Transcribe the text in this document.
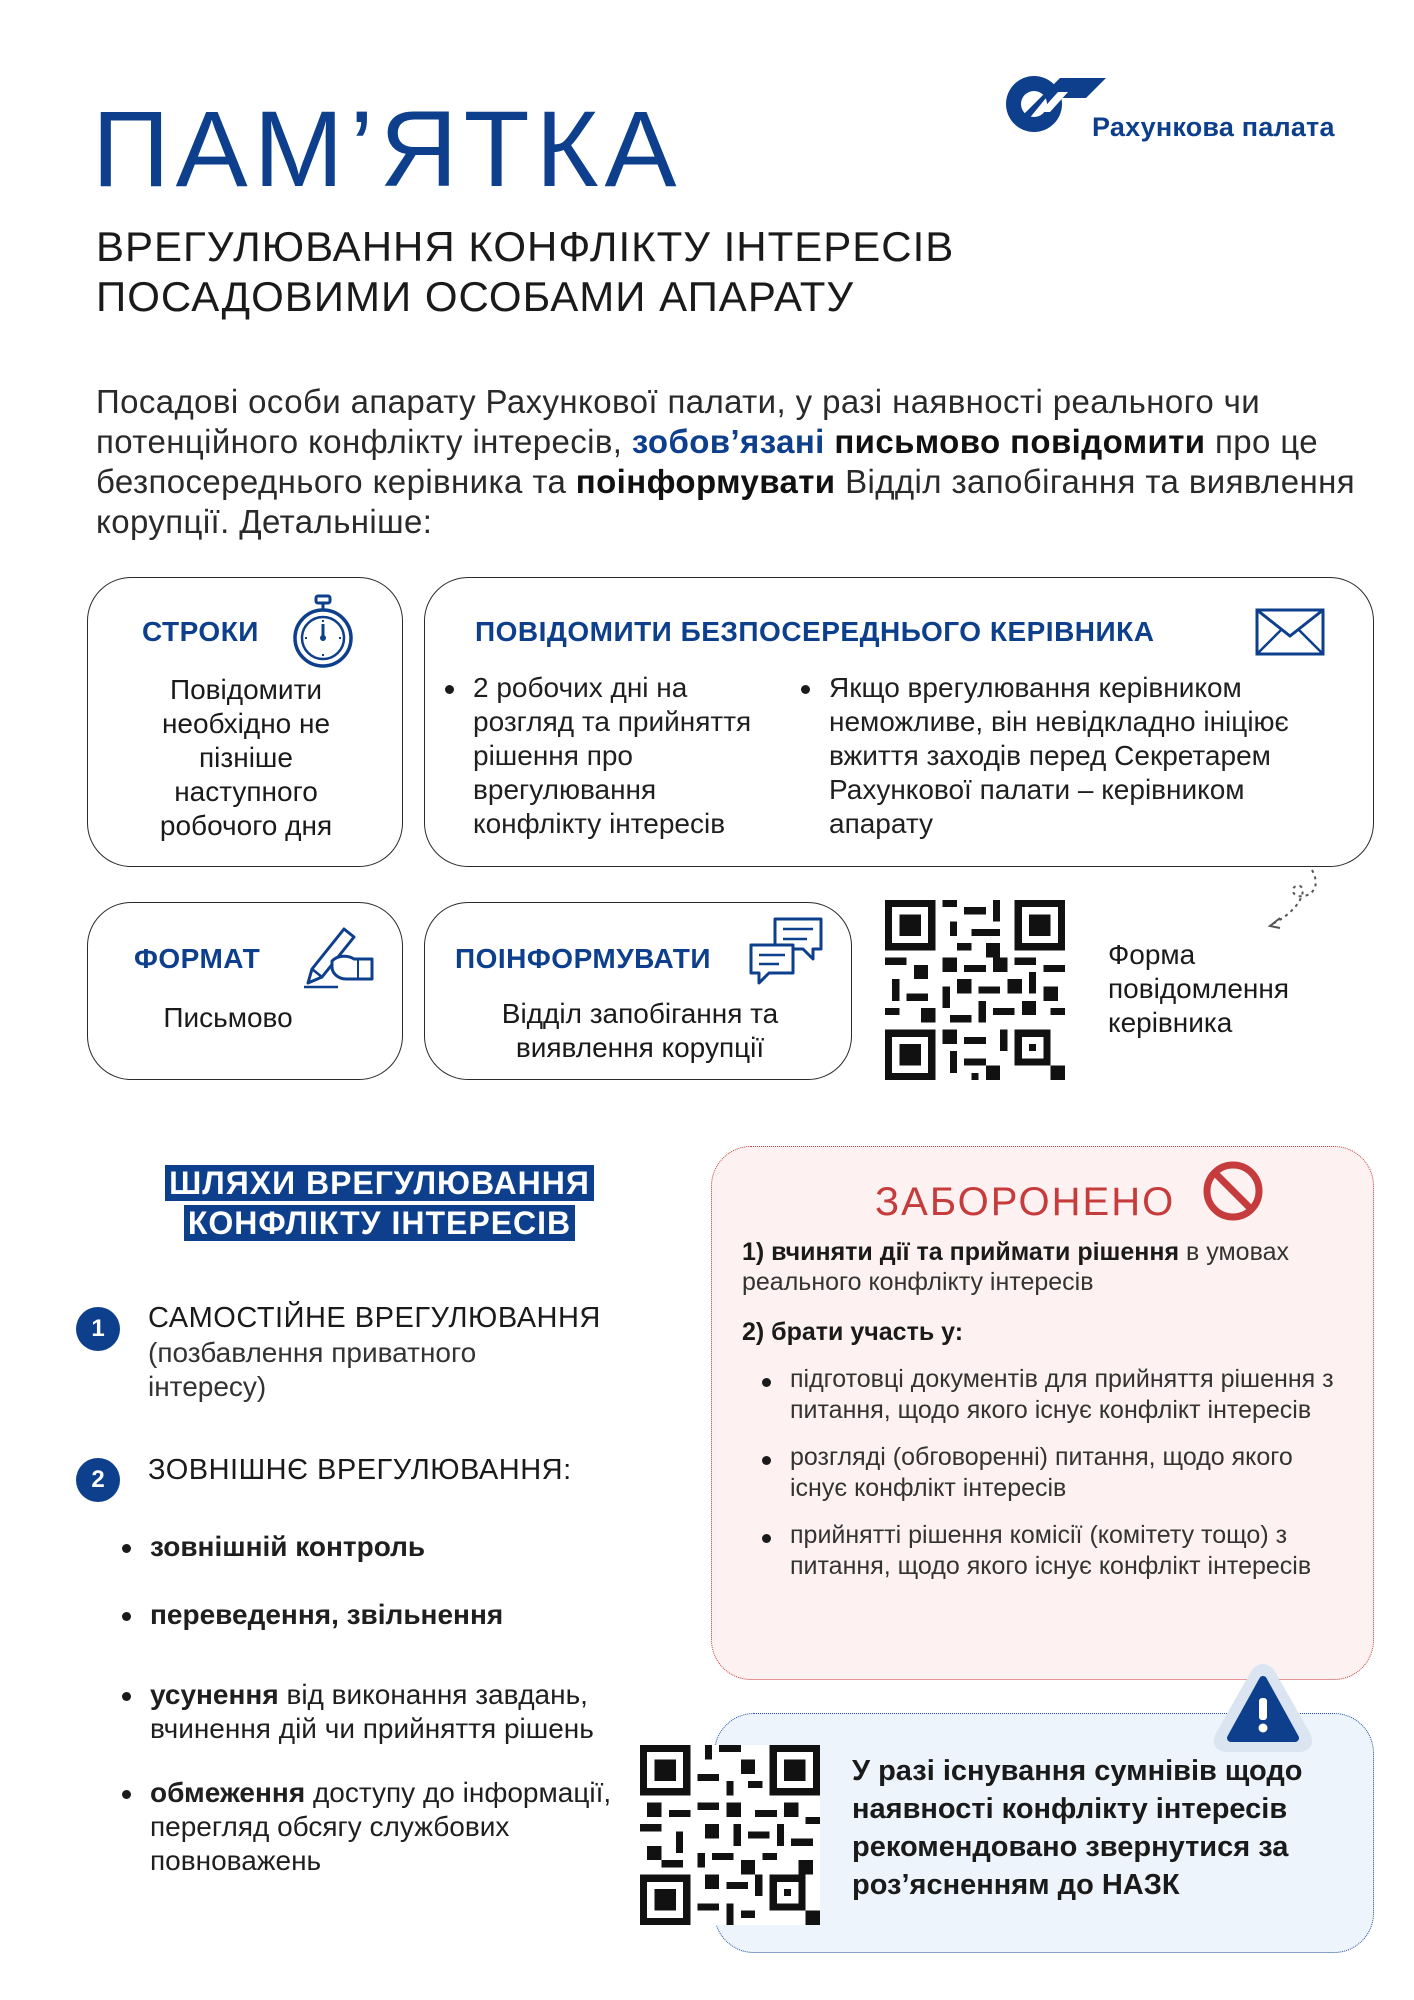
Рахункова палата
ПАМ’ЯТКА
ВРЕГУЛЮВАННЯ КОНФЛІКТУ ІНТЕРЕСІВ
ПОСАДОВИМИ ОСОБАМИ АПАРАТУ
Посадові особи апарату Рахункової палати, у разі наявності реального чи потенційного конфлікту інтересів, зобов’язані письмово повідомити про це безпосереднього керівника та поінформувати Відділ запобігання та виявлення корупції. Детальніше:
СТРОКИ
Повідомити необхідно не пізніше наступного робочого дня
ПОВІДОМИТИ БЕЗПОСЕРЕДНЬОГО КЕРІВНИКА
2 робочих дні на розгляд та прийняття рішення про врегулювання конфлікту інтересів
Якщо врегулювання керівником неможливе, він невідкладно ініціює вжиття заходів перед Секретарем Рахункової палати – керівником апарату
ФОРМАТ
Письмово
ПОІНФОРМУВАТИ
Відділ запобігання та виявлення корупції
Форма повідомлення керівника
ШЛЯХИ ВРЕГУЛЮВАННЯ
КОНФЛІКТУ ІНТЕРЕСІВ
1	САМОСТІЙНЕ ВРЕГУЛЮВАННЯ
(позбавлення приватного інтересу)
2	ЗОВНІШНЄ ВРЕГУЛЮВАННЯ:
зовнішній контроль
переведення, звільнення
усунення від виконання завдань, вчинення дій чи прийняття рішень
обмеження доступу до інформації, перегляд обсягу службових повноважень
ЗАБОРОНЕНО
1) вчиняти дії та приймати рішення в умовах реального конфлікту інтересів
2) брати участь у:
підготовці документів для прийняття рішення з питання, щодо якого існує конфлікт інтересів
розгляді (обговоренні) питання, щодо якого існує конфлікт інтересів
прийнятті рішення комісії (комітету тощо) з питання, щодо якого існує конфлікт інтересів
У разі існування сумнівів щодо наявності конфлікту інтересів рекомендовано звернутися за роз’ясненням до НАЗК
